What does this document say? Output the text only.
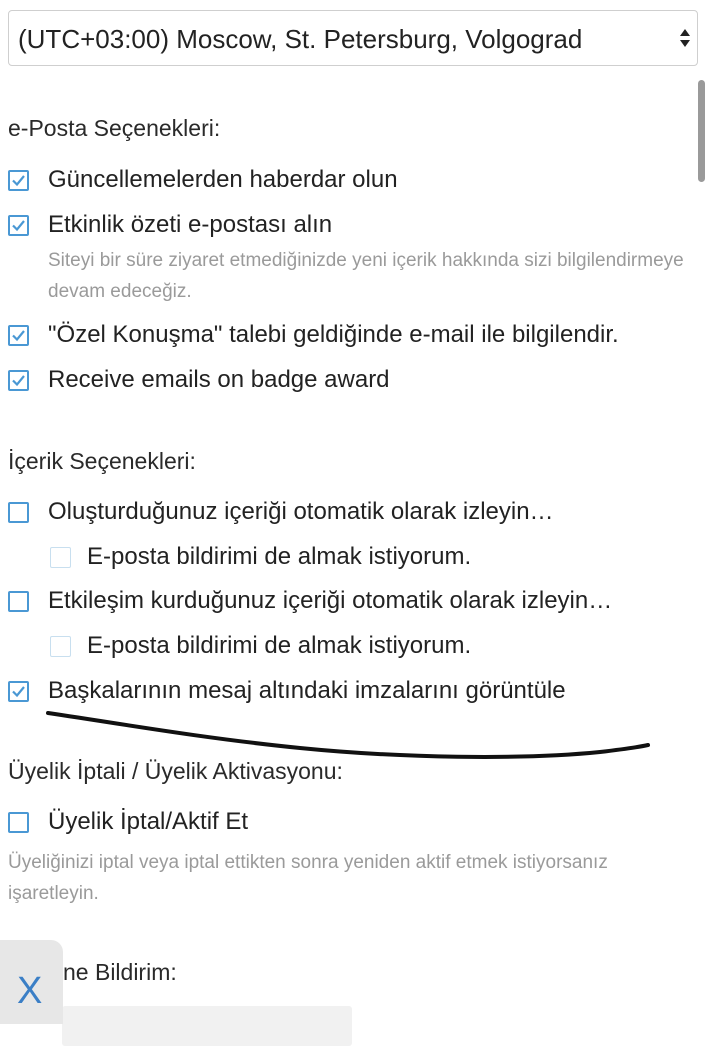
(UTC+03:00) Moscow, St. Petersburg, Volgograd
e-Posta Seçenekleri:
Güncellemelerden haberdar olun
Etkinlik özeti e-postası alın
Siteyi bir süre ziyaret etmediğinizde yeni içerik hakkında sizi bilgilendirmeye devam edeceğiz.
"Özel Konuşma" talebi geldiğinde e-mail ile bilgilendir.
Receive emails on badge award
İçerik Seçenekleri:
Oluşturduğunuz içeriği otomatik olarak izleyin…
E-posta bildirimi de almak istiyorum.
Etkileşim kurduğunuz içeriği otomatik olarak izleyin…
E-posta bildirimi de almak istiyorum.
Başkalarının mesaj altındaki imzalarını görüntüle
Üyelik İptali / Üyelik Aktivasyonu:
Üyelik İptal/Aktif Et
Üyeliğinizi iptal veya iptal ettikten sonra yeniden aktif etmek istiyorsanız işaretleyin.
ne Bildirim:
X
